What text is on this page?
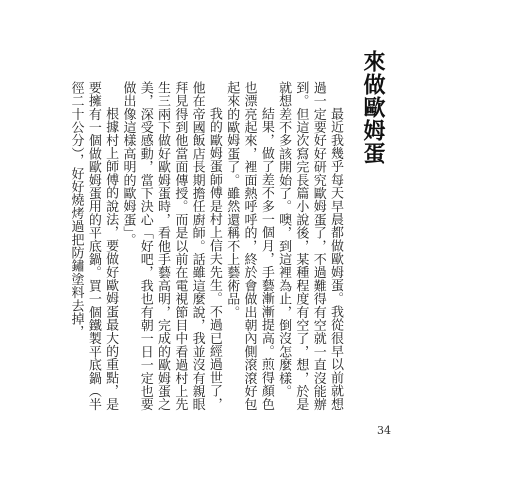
來做歐姆蛋

最近我幾乎每天早晨都做歐姆蛋。我從很早以前就想過一定要好好研究歐姆蛋了，不過難得有空就一直沒能辦到。但這次寫完長篇小說後，某種程度有空了，想，於是就想差不多該開始了。噢，到這裡為止，倒沒怎麼樣。

結果，做了差不多一個月，手藝漸漸提高。煎得顏色也漂亮起來，裡面熱呼呼的，終於會做出朝內側滾滾好包起來的歐姆蛋了。雖然還稱不上藝術品。

我的歐姆蛋師傅是村上信夫先生。不過已經過世了，他在帝國飯店長期擔任廚師。話雖這麼說，我並沒有親眼拜見得到他當面傳授。而是以前在電視節目中看過村上先生三兩下做好歐姆蛋時，看他手藝高明，完成的歐姆蛋之美，深受感動，當下決心「好吧，我也有朝一日一定也要做出像這樣高明的歐姆蛋」。

根據村上師傅的說法，要做好歐姆蛋最大的重點，是要擁有一個做歐姆蛋用的平底鍋。買一個鐵製平底鍋（半徑二十公分），好好燒烤過把防鏽塗料去掉，

34
